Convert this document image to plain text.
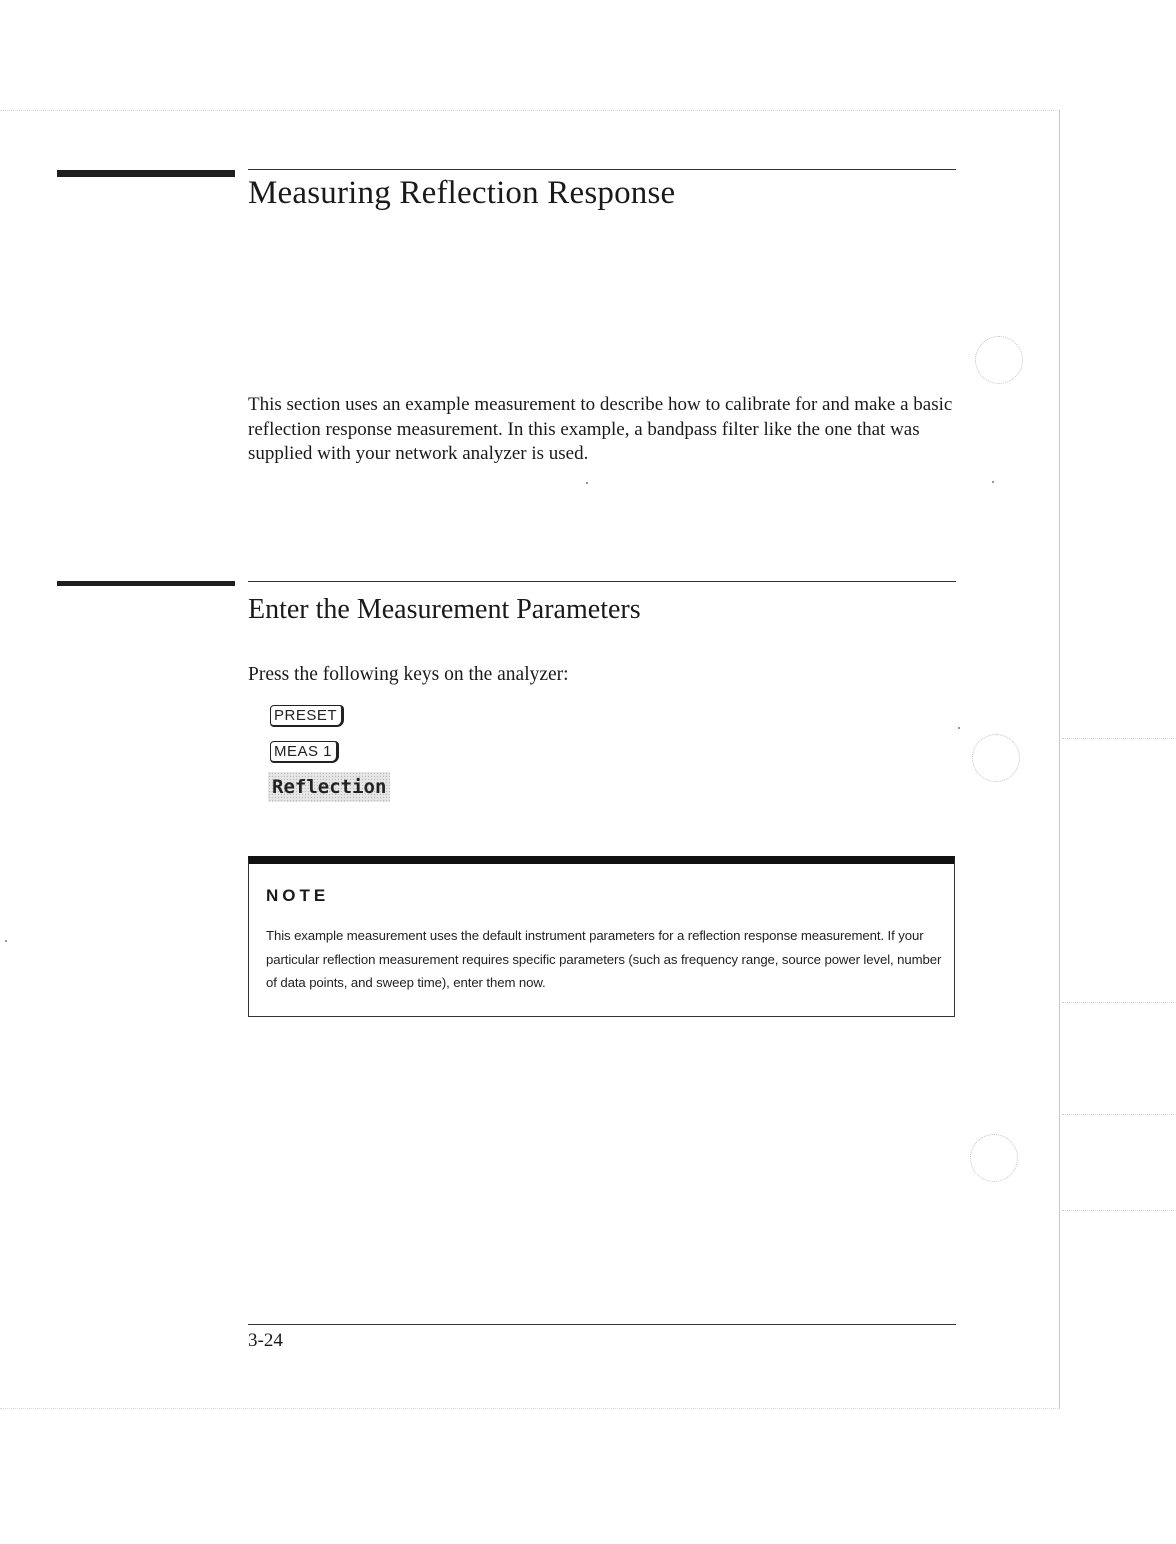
Measuring Reflection Response

This section uses an example measurement to describe how to calibrate for and make a basic reflection response measurement. In this example, a bandpass filter like the one that was supplied with your network analyzer is used.

Enter the Measurement Parameters

Press the following keys on the analyzer:

PRESET
MEAS 1
Reflection

NOTE

This example measurement uses the default instrument parameters for a reflection response measurement. If your particular reflection measurement requires specific parameters (such as frequency range, source power level, number of data points, and sweep time), enter them now.

3-24
